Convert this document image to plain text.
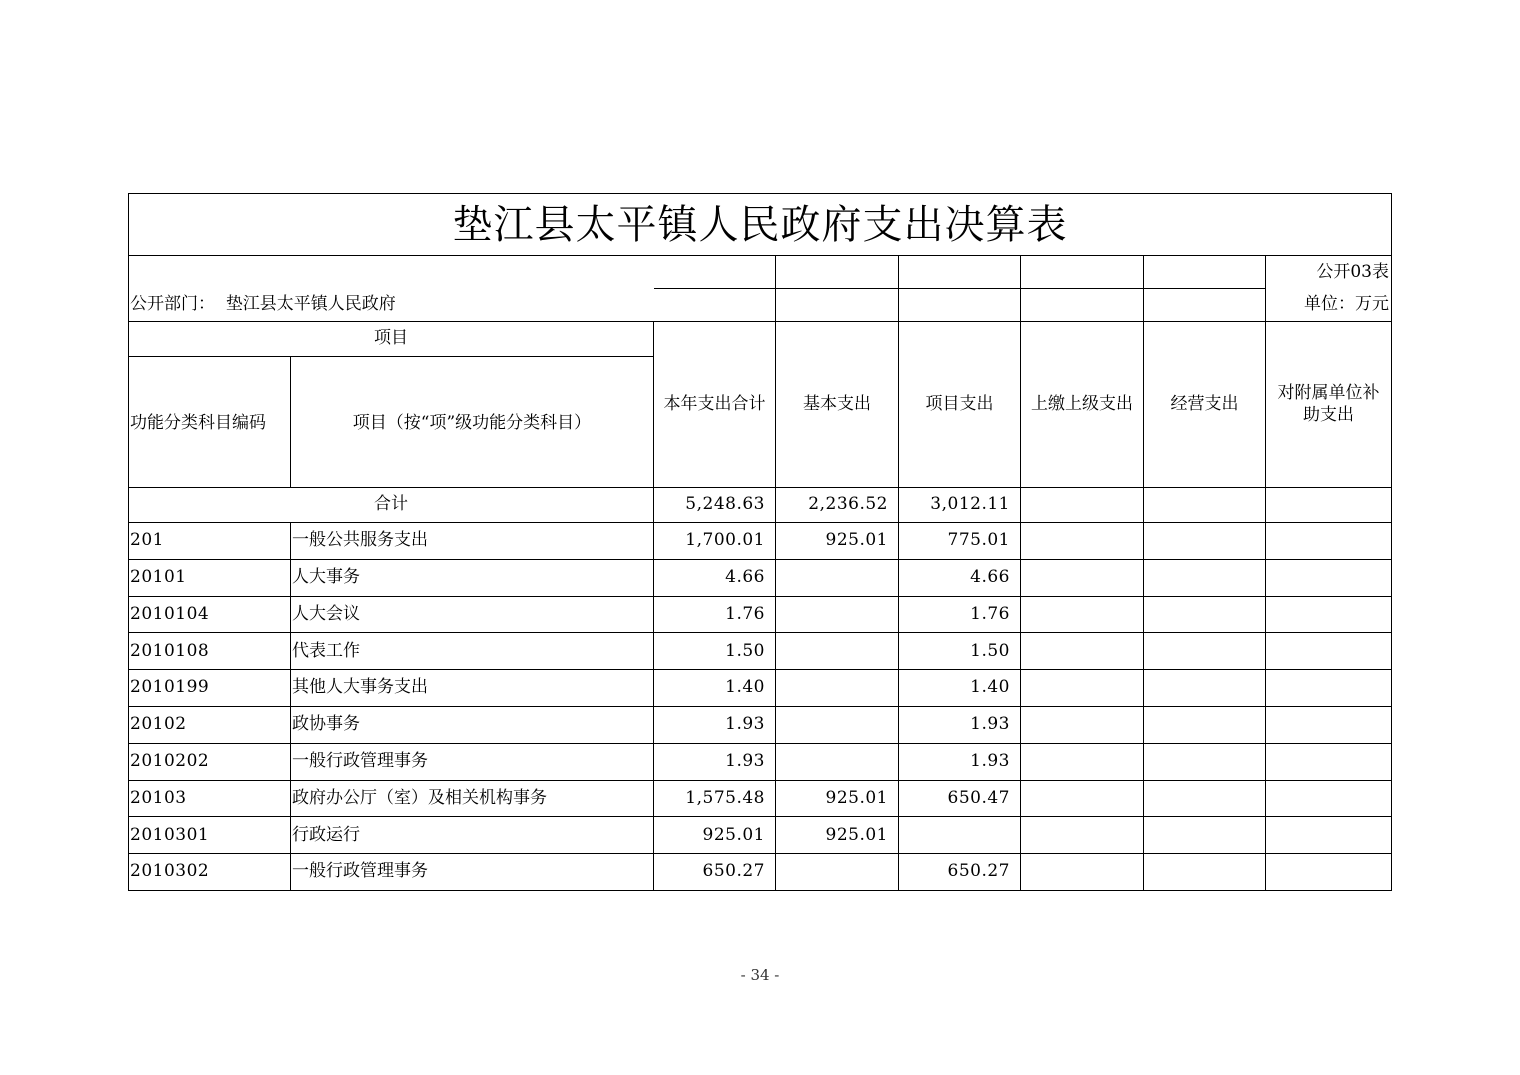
垫江县太平镇人民政府支出决算表							
							公开03表
公开部门： 垫江县太平镇人民政府							单位：万元
项目		本年支出合计	基本支出	项目支出	上缴上级支出	经营支出	对附属单位补助支出
功能分类科目编码	项目（按“项”级功能分类科目）						
合计		5,248.63	2,236.52	3,012.11			
201	一般公共服务支出	1,700.01	925.01	775.01			
20101	人大事务	4.66		4.66			
2010104	人大会议	1.76		1.76			
2010108	代表工作	1.50		1.50			
2010199	其他人大事务支出	1.40		1.40			
20102	政协事务	1.93		1.93			
2010202	一般行政管理事务	1.93		1.93			
20103	政府办公厅（室）及相关机构事务	1,575.48	925.01	650.47			
2010301	行政运行	925.01	925.01				
2010302	一般行政管理事务	650.27		650.27			
- 34 -
